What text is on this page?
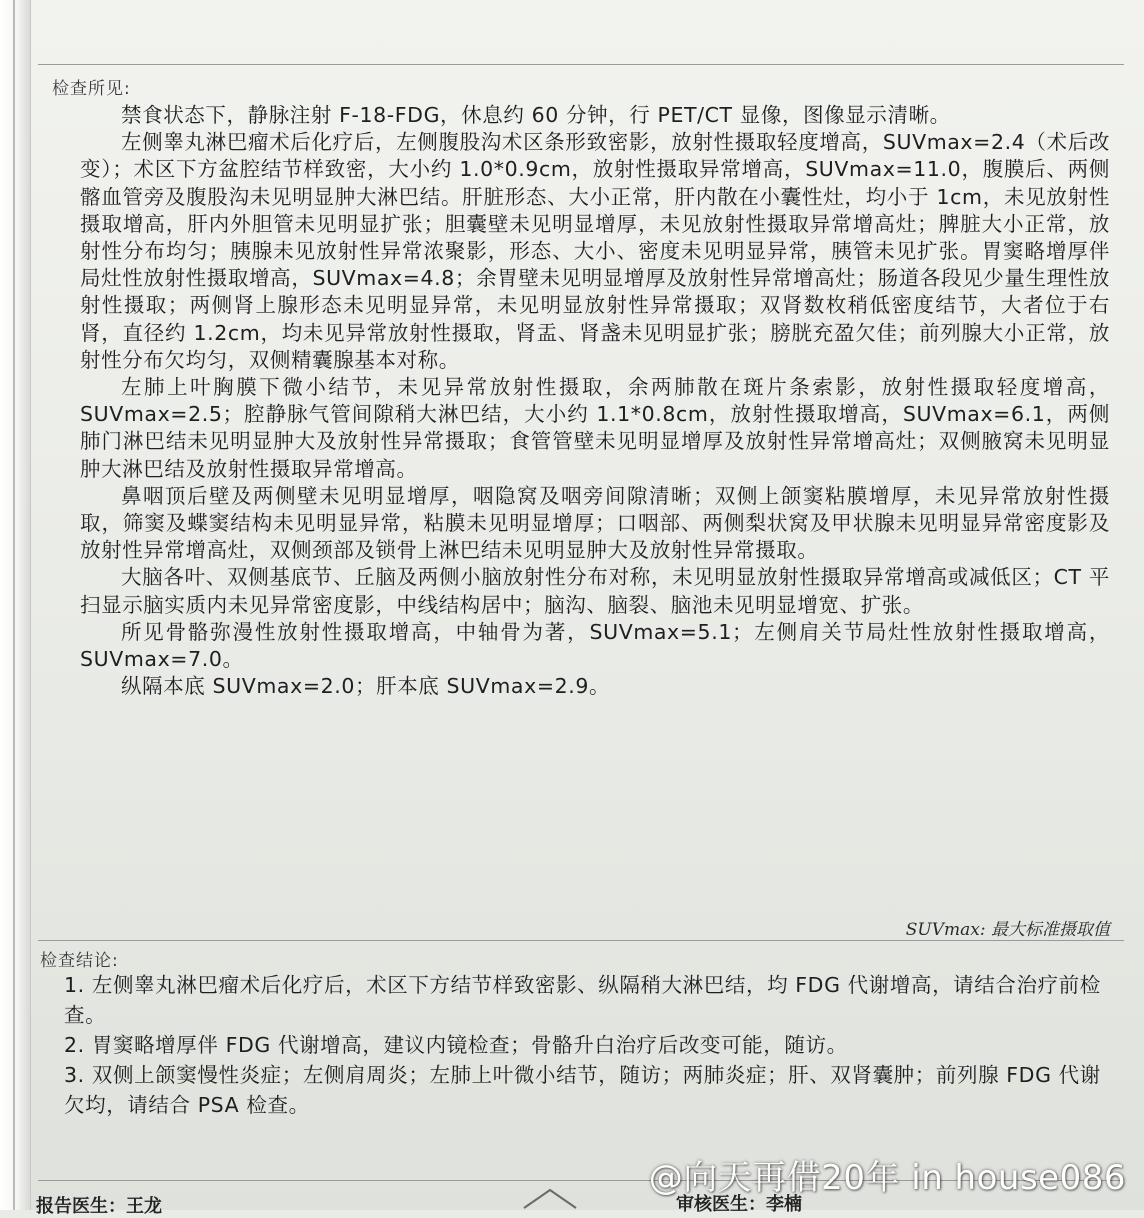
检查所见:

禁食状态下，静脉注射 F-18-FDG，休息约 60 分钟，行 PET/CT 显像，图像显示清晰。

左侧睾丸淋巴瘤术后化疗后，左侧腹股沟术区条形致密影，放射性摄取轻度增高，SUVmax=2.4（术后改变）；术区下方盆腔结节样致密，大小约 1.0*0.9cm，放射性摄取异常增高，SUVmax=11.0，腹膜后、两侧髂血管旁及腹股沟未见明显肿大淋巴结。肝脏形态、大小正常，肝内散在小囊性灶，均小于 1cm，未见放射性摄取增高，肝内外胆管未见明显扩张；胆囊壁未见明显增厚，未见放射性摄取异常增高灶；脾脏大小正常，放射性分布均匀；胰腺未见放射性异常浓聚影，形态、大小、密度未见明显异常，胰管未见扩张。胃窦略增厚伴局灶性放射性摄取增高，SUVmax=4.8；余胃壁未见明显增厚及放射性异常增高灶；肠道各段见少量生理性放射性摄取；两侧肾上腺形态未见明显异常，未见明显放射性异常摄取；双肾数枚稍低密度结节，大者位于右肾，直径约 1.2cm，均未见异常放射性摄取，肾盂、肾盏未见明显扩张；膀胱充盈欠佳；前列腺大小正常，放射性分布欠均匀，双侧精囊腺基本对称。

左肺上叶胸膜下微小结节，未见异常放射性摄取，余两肺散在斑片条索影，放射性摄取轻度增高，SUVmax=2.5；腔静脉气管间隙稍大淋巴结，大小约 1.1*0.8cm，放射性摄取增高，SUVmax=6.1，两侧肺门淋巴结未见明显肿大及放射性异常摄取；食管管壁未见明显增厚及放射性异常增高灶；双侧腋窝未见明显肿大淋巴结及放射性摄取异常增高。

鼻咽顶后壁及两侧壁未见明显增厚，咽隐窝及咽旁间隙清晰；双侧上颌窦粘膜增厚，未见异常放射性摄取，筛窦及蝶窦结构未见明显异常，粘膜未见明显增厚；口咽部、两侧梨状窝及甲状腺未见明显异常密度影及放射性异常增高灶，双侧颈部及锁骨上淋巴结未见明显肿大及放射性异常摄取。

大脑各叶、双侧基底节、丘脑及两侧小脑放射性分布对称，未见明显放射性摄取异常增高或减低区；CT 平扫显示脑实质内未见异常密度影，中线结构居中；脑沟、脑裂、脑池未见明显增宽、扩张。

所见骨骼弥漫性放射性摄取增高，中轴骨为著，SUVmax=5.1；左侧肩关节局灶性放射性摄取增高，SUVmax=7.0。

纵隔本底 SUVmax=2.0；肝本底 SUVmax=2.9。

SUVmax: 最大标准摄取值
检查结论:

1. 左侧睾丸淋巴瘤术后化疗后，术区下方结节样致密影、纵隔稍大淋巴结，均 FDG 代谢增高，请结合治疗前检查。

2. 胃窦略增厚伴 FDG 代谢增高，建议内镜检查；骨骼升白治疗后改变可能，随访。

3. 双侧上颌窦慢性炎症；左侧肩周炎；左肺上叶微小结节，随访；两肺炎症；肝、双肾囊肿；前列腺 FDG 代谢欠均，请结合 PSA 检查。

报告医生：王龙	审核医生：李楠
@向天再借20年 in house086
